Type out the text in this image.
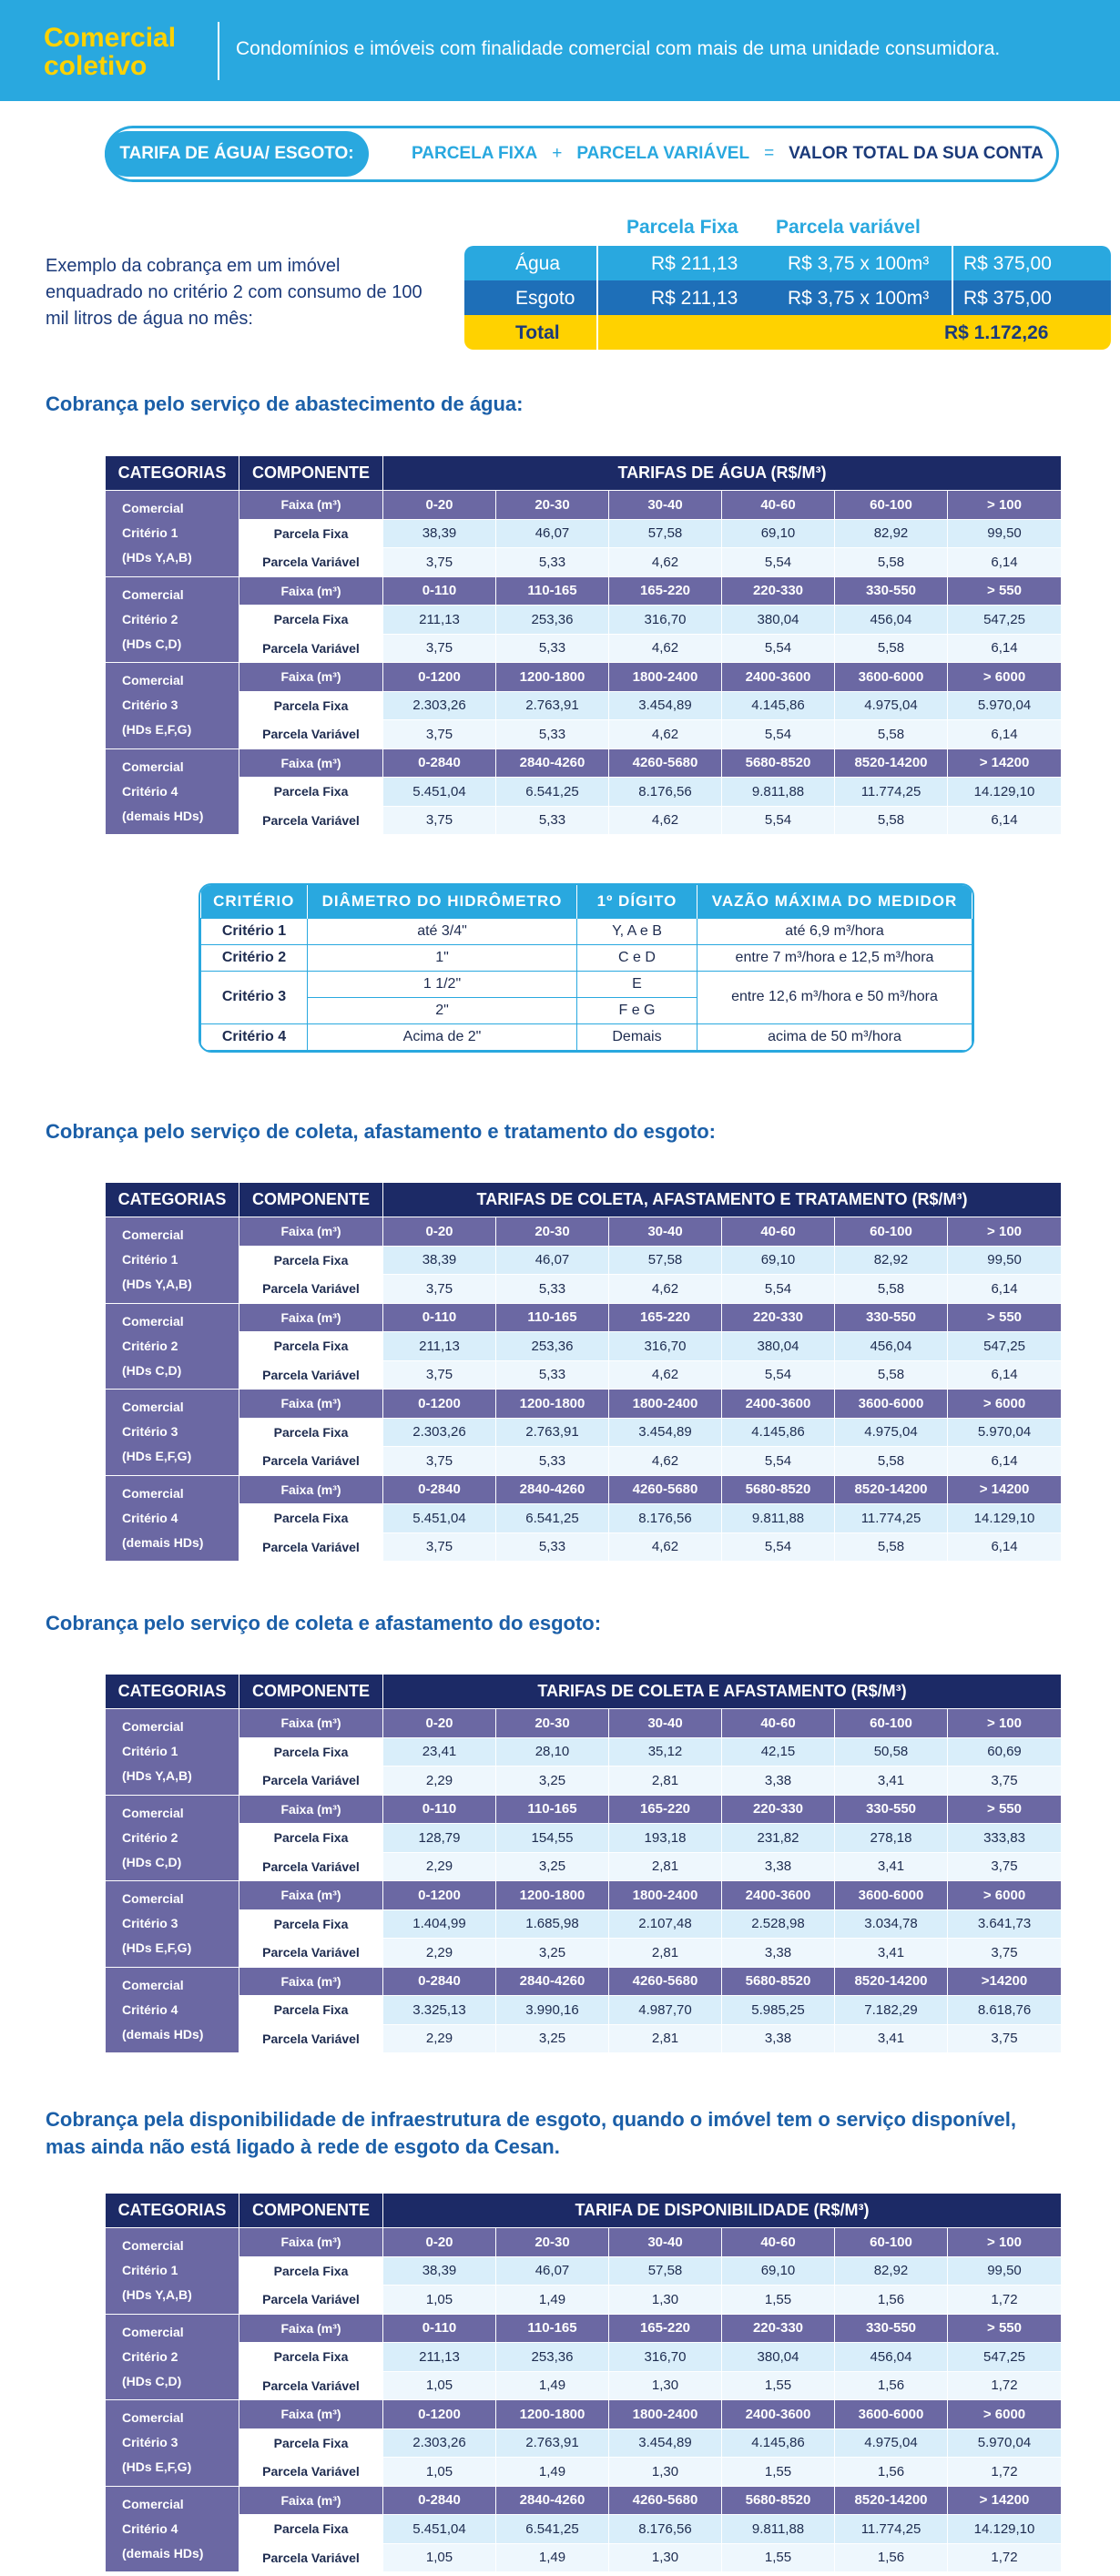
Comercial
coletivo
Condomínios e imóveis com finalidade comercial com mais de uma unidade consumidora.
TARIFA DE ÁGUA/ ESGOTO:	PARCELA FIXA + PARCELA VARIÁVEL = VALOR TOTAL DA SUA CONTA
Exemplo da cobrança em um imóvel enquadrado no critério 2 com consumo de 100 mil litros de água no mês:
Parcela Fixa Parcela variável
Água	R$ 211,13	R$ 3,75 x 100m³ R$ 375,00
Esgoto	R$ 211,13	R$ 3,75 x 100m³ R$ 375,00
Total	R$ 1.172,26
Cobrança pelo serviço de abastecimento de água:
Cobrança pelo serviço de coleta, afastamento e tratamento do esgoto:
Cobrança pelo serviço de coleta e afastamento do esgoto:
Cobrança pela disponibilidade de infraestrutura de esgoto, quando o imóvel tem o serviço disponível,
mas ainda não está ligado à rede de esgoto da Cesan.
CATEGORIAS	COMPONENTE	TARIFAS DE ÁGUA (R$/M³)					

Comercial
Critério 1
(HDs Y,A,B)	Faixa (m³)	0-20	20-30	30-40	40-60	60-100	> 100
	Parcela Fixa	38,39	46,07	57,58	69,10	82,92	99,50
	Parcela Variável	3,75	5,33	4,62	5,54	5,58	6,14

Comercial
Critério 2
(HDs C,D)	Faixa (m³)	0-110	110-165	165-220	220-330	330-550	> 550
	Parcela Fixa	211,13	253,36	316,70	380,04	456,04	547,25
	Parcela Variável	3,75	5,33	4,62	5,54	5,58	6,14

Comercial
Critério 3
(HDs E,F,G)	Faixa (m³)	0-1200	1200-1800	1800-2400	2400-3600	3600-6000	> 6000
	Parcela Fixa	2.303,26	2.763,91	3.454,89	4.145,86	4.975,04	5.970,04
	Parcela Variável	3,75	5,33	4,62	5,54	5,58	6,14

Comercial
Critério 4
(demais HDs)	Faixa (m³)	0-2840	2840-4260	4260-5680	5680-8520	8520-14200	> 14200
	Parcela Fixa	5.451,04	6.541,25	8.176,56	9.811,88	11.774,25	14.129,10
	Parcela Variável	3,75	5,33	4,62	5,54	5,58	6,14
CATEGORIAS	COMPONENTE	TARIFAS DE COLETA, AFASTAMENTO E TRATAMENTO (R$/M³)					

Comercial
Critério 1
(HDs Y,A,B)	Faixa (m³)	0-20	20-30	30-40	40-60	60-100	> 100
	Parcela Fixa	38,39	46,07	57,58	69,10	82,92	99,50
	Parcela Variável	3,75	5,33	4,62	5,54	5,58	6,14

Comercial
Critério 2
(HDs C,D)	Faixa (m³)	0-110	110-165	165-220	220-330	330-550	> 550
	Parcela Fixa	211,13	253,36	316,70	380,04	456,04	547,25
	Parcela Variável	3,75	5,33	4,62	5,54	5,58	6,14

Comercial
Critério 3
(HDs E,F,G)	Faixa (m³)	0-1200	1200-1800	1800-2400	2400-3600	3600-6000	> 6000
	Parcela Fixa	2.303,26	2.763,91	3.454,89	4.145,86	4.975,04	5.970,04
	Parcela Variável	3,75	5,33	4,62	5,54	5,58	6,14

Comercial
Critério 4
(demais HDs)	Faixa (m³)	0-2840	2840-4260	4260-5680	5680-8520	8520-14200	> 14200
	Parcela Fixa	5.451,04	6.541,25	8.176,56	9.811,88	11.774,25	14.129,10
	Parcela Variável	3,75	5,33	4,62	5,54	5,58	6,14
CATEGORIAS	COMPONENTE	TARIFAS DE COLETA E AFASTAMENTO (R$/M³)					

Comercial
Critério 1
(HDs Y,A,B)	Faixa (m³)	0-20	20-30	30-40	40-60	60-100	> 100
	Parcela Fixa	23,41	28,10	35,12	42,15	50,58	60,69
	Parcela Variável	2,29	3,25	2,81	3,38	3,41	3,75

Comercial
Critério 2
(HDs C,D)	Faixa (m³)	0-110	110-165	165-220	220-330	330-550	> 550
	Parcela Fixa	128,79	154,55	193,18	231,82	278,18	333,83
	Parcela Variável	2,29	3,25	2,81	3,38	3,41	3,75

Comercial
Critério 3
(HDs E,F,G)	Faixa (m³)	0-1200	1200-1800	1800-2400	2400-3600	3600-6000	> 6000
	Parcela Fixa	1.404,99	1.685,98	2.107,48	2.528,98	3.034,78	3.641,73
	Parcela Variável	2,29	3,25	2,81	3,38	3,41	3,75

Comercial
Critério 4
(demais HDs)	Faixa (m³)	0-2840	2840-4260	4260-5680	5680-8520	8520-14200	>14200
	Parcela Fixa	3.325,13	3.990,16	4.987,70	5.985,25	7.182,29	8.618,76
	Parcela Variável	2,29	3,25	2,81	3,38	3,41	3,75
CATEGORIAS	COMPONENTE	TARIFA DE DISPONIBILIDADE (R$/M³)					

Comercial
Critério 1
(HDs Y,A,B)	Faixa (m³)	0-20	20-30	30-40	40-60	60-100	> 100
	Parcela Fixa	38,39	46,07	57,58	69,10	82,92	99,50
	Parcela Variável	1,05	1,49	1,30	1,55	1,56	1,72

Comercial
Critério 2
(HDs C,D)	Faixa (m³)	0-110	110-165	165-220	220-330	330-550	> 550
	Parcela Fixa	211,13	253,36	316,70	380,04	456,04	547,25
	Parcela Variável	1,05	1,49	1,30	1,55	1,56	1,72

Comercial
Critério 3
(HDs E,F,G)	Faixa (m³)	0-1200	1200-1800	1800-2400	2400-3600	3600-6000	> 6000
	Parcela Fixa	2.303,26	2.763,91	3.454,89	4.145,86	4.975,04	5.970,04
	Parcela Variável	1,05	1,49	1,30	1,55	1,56	1,72

Comercial
Critério 4
(demais HDs)	Faixa (m³)	0-2840	2840-4260	4260-5680	5680-8520	8520-14200	> 14200
	Parcela Fixa	5.451,04	6.541,25	8.176,56	9.811,88	11.774,25	14.129,10
	Parcela Variável	1,05	1,49	1,30	1,55	1,56	1,72
CRITÉRIO	DIÂMETRO DO HIDRÔMETRO	1º DÍGITO	VAZÃO MÁXIMA DO MEDIDOR
Critério 1	até 3/4"	Y, A e B	até 6,9 m³/hora
Critério 2	1"	C e D	entre 7 m³/hora e 12,5 m³/hora
Critério 3	1 1/2"	E	entre 12,6 m³/hora e 50 m³/hora
	2"	F e G	
Critério 4	Acima de 2"	Demais	acima de 50 m³/hora
